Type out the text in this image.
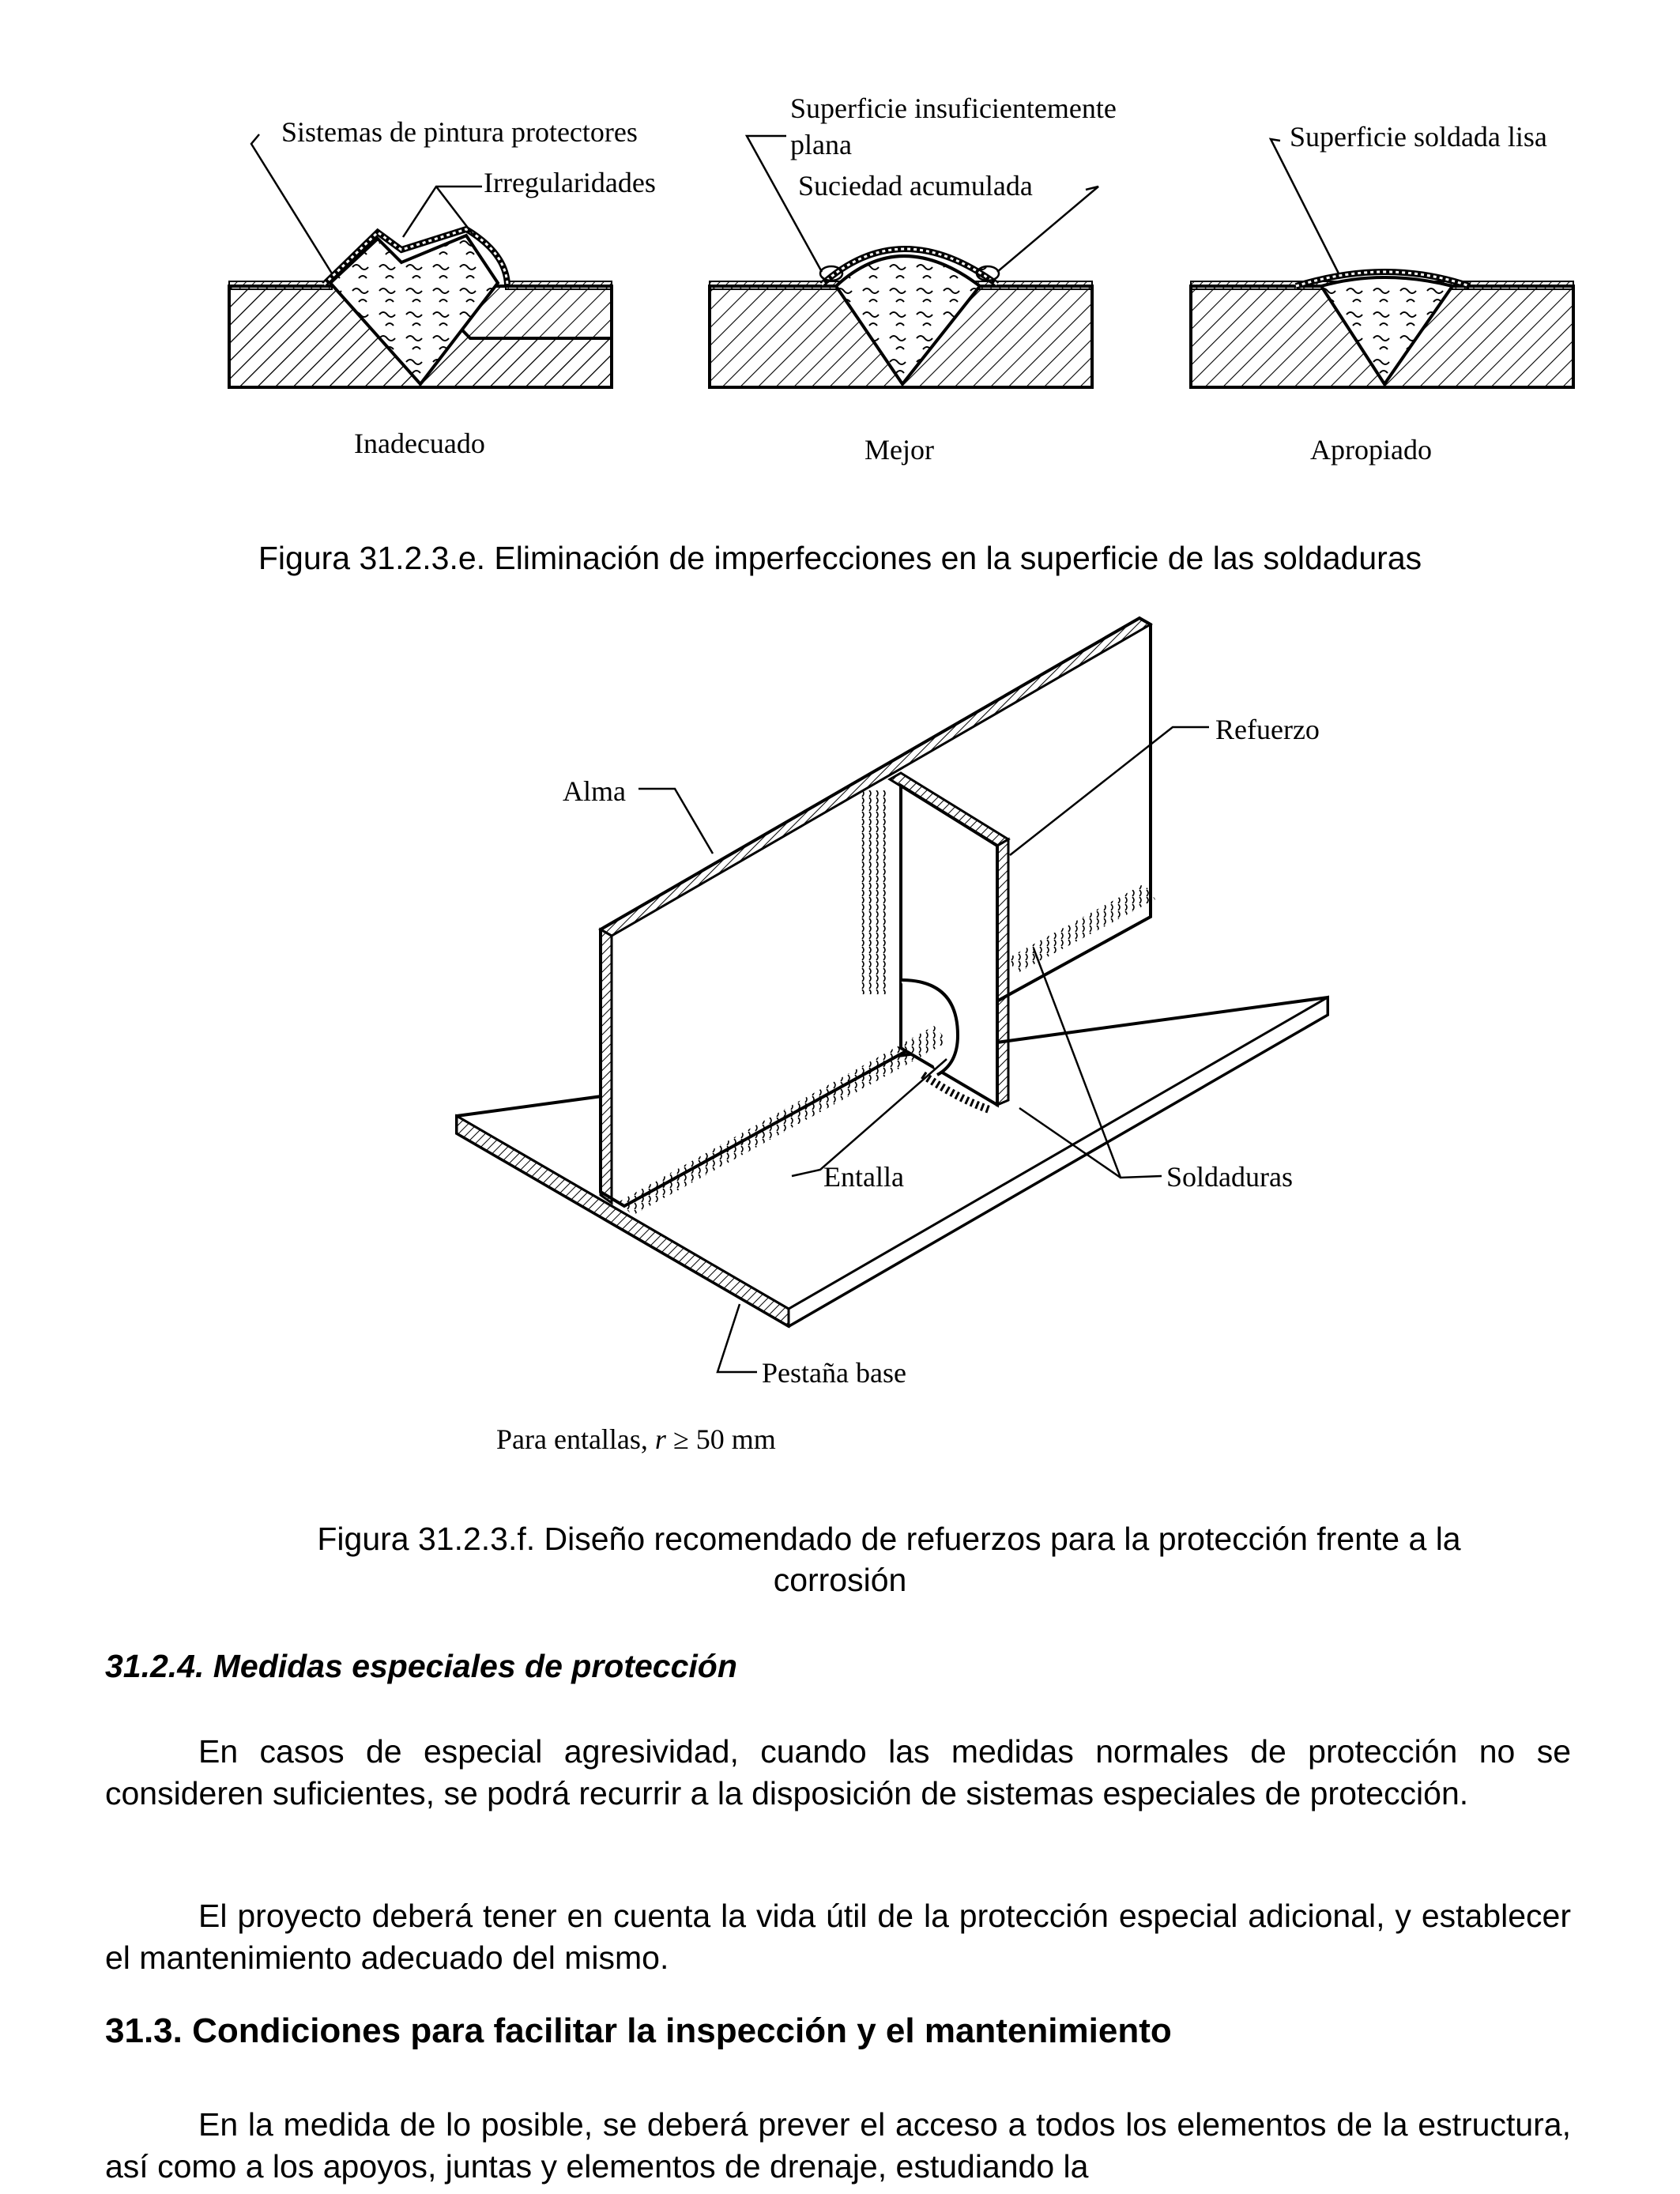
Sistemas de pintura protectores
Irregularidades
Superficie insuficientemente
plana
Suciedad acumulada
Superficie soldada lisa
Inadecuado	Mejor	Apropiado
Figura 31.2.3.e. Eliminación de imperfecciones en la superficie de las soldaduras
Refuerzo
Alma
Entalla	Soldaduras
Pestaña base
Para entallas, r ≥ 50 mm
Figura 31.2.3.f. Diseño recomendado de refuerzos para la protección frente a la
corrosión
31.2.4. Medidas especiales de protección
En casos de especial agresividad, cuando las medidas normales de protección no se consideren suficientes, se podrá recurrir a la disposición de sistemas especiales de protección.
El proyecto deberá tener en cuenta la vida útil de la protección especial adicional, y establecer el mantenimiento adecuado del mismo.
31.3. Condiciones para facilitar la inspección y el mantenimiento
En la medida de lo posible, se deberá prever el acceso a todos los elementos de la estructura, así como a los apoyos, juntas y elementos de drenaje, estudiando la
